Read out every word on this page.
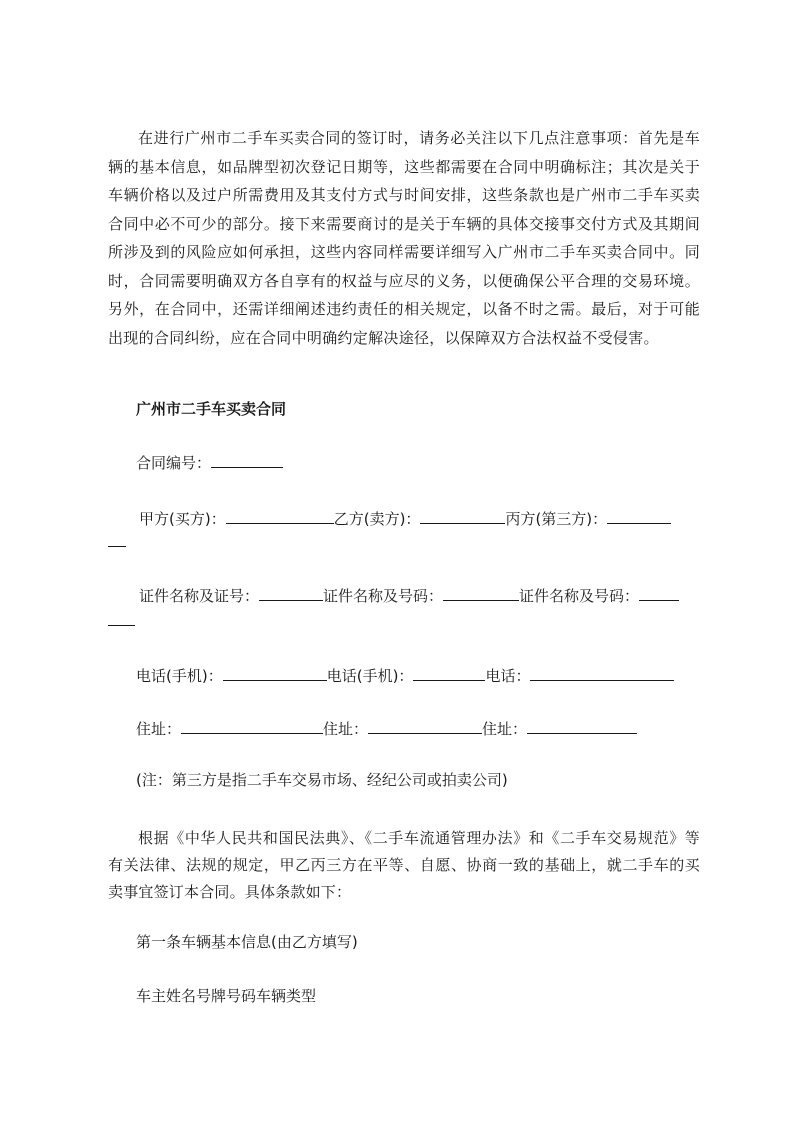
在进行广州市二手车买卖合同的签订时，请务必关注以下几点注意事项：首先是车辆的基本信息，如品牌型初次登记日期等，这些都需要在合同中明确标注；其次是关于车辆价格以及过户所需费用及其支付方式与时间安排，这些条款也是广州市二手车买卖合同中必不可少的部分。接下来需要商讨的是关于车辆的具体交接事交付方式及其期间所涉及到的风险应如何承担，这些内容同样需要详细写入广州市二手车买卖合同中。同时，合同需要明确双方各自享有的权益与应尽的义务，以便确保公平合理的交易环境。另外，在合同中，还需详细阐述违约责任的相关规定，以备不时之需。最后，对于可能出现的合同纠纷，应在合同中明确约定解决途径，以保障双方合法权益不受侵害。

广州市二手车买卖合同

合同编号：

甲方(买方)：	乙方(卖方)：	丙方(第三方)：

证件名称及证号：	证件名称及号码：	证件名称及号码：

电话(手机)：	电话(手机)：	电话：

住址：	住址：	住址：

(注：第三方是指二手车交易市场、经纪公司或拍卖公司)

根据《中华人民共和国民法典》、《二手车流通管理办法》和《二手车交易规范》等有关法律、法规的规定，甲乙丙三方在平等、自愿、协商一致的基础上，就二手车的买卖事宜签订本合同。具体条款如下：

第一条车辆基本信息(由乙方填写)

车主姓名号牌号码车辆类型
